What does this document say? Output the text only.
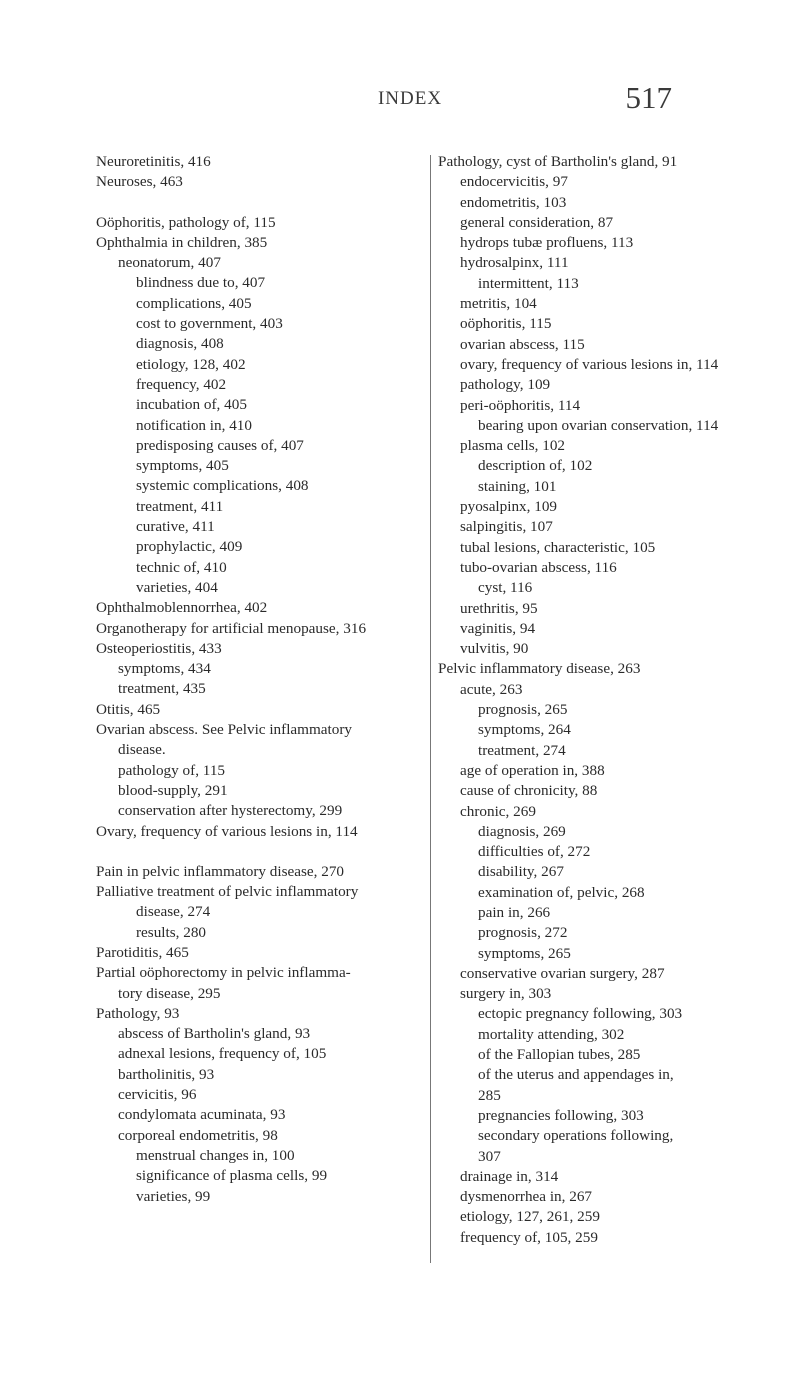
INDEX	517
Neuroretinitis, 416
Neuroses, 463
Oöphoritis, pathology of, 115
Ophthalmia in children, 385
neonatorum, 407
blindness due to, 407
complications, 405
cost to government, 403
diagnosis, 408
etiology, 128, 402
frequency, 402
incubation of, 405
notification in, 410
predisposing causes of, 407
symptoms, 405
systemic complications, 408
treatment, 411
curative, 411
prophylactic, 409
technic of, 410
varieties, 404
Ophthalmoblennorrhea, 402
Organotherapy for artificial menopause, 316
Osteoperiostitis, 433
symptoms, 434
treatment, 435
Otitis, 465
Ovarian abscess. See Pelvic inflammatory
disease.
pathology of, 115
blood-supply, 291
conservation after hysterectomy, 299
Ovary, frequency of various lesions in, 114
Pain in pelvic inflammatory disease, 270
Palliative treatment of pelvic inflammatory
disease, 274
results, 280
Parotiditis, 465
Partial oöphorectomy in pelvic inflamma-
tory disease, 295
Pathology, 93
abscess of Bartholin's gland, 93
adnexal lesions, frequency of, 105
bartholinitis, 93
cervicitis, 96
condylomata acuminata, 93
corporeal endometritis, 98
menstrual changes in, 100
significance of plasma cells, 99
varieties, 99
Pathology, cyst of Bartholin's gland, 91
endocervicitis, 97
endometritis, 103
general consideration, 87
hydrops tubæ profluens, 113
hydrosalpinx, 111
intermittent, 113
metritis, 104
oöphoritis, 115
ovarian abscess, 115
ovary, frequency of various lesions in, 114
pathology, 109
peri-oöphoritis, 114
bearing upon ovarian conservation, 114
plasma cells, 102
description of, 102
staining, 101
pyosalpinx, 109
salpingitis, 107
tubal lesions, characteristic, 105
tubo-ovarian abscess, 116
cyst, 116
urethritis, 95
vaginitis, 94
vulvitis, 90
Pelvic inflammatory disease, 263
acute, 263
prognosis, 265
symptoms, 264
treatment, 274
age of operation in, 388
cause of chronicity, 88
chronic, 269
diagnosis, 269
difficulties of, 272
disability, 267
examination of, pelvic, 268
pain in, 266
prognosis, 272
symptoms, 265
conservative ovarian surgery, 287
surgery in, 303
ectopic pregnancy following, 303
mortality attending, 302
of the Fallopian tubes, 285
of the uterus and appendages in,
285
pregnancies following, 303
secondary operations following,
307
drainage in, 314
dysmenorrhea in, 267
etiology, 127, 261, 259
frequency of, 105, 259
